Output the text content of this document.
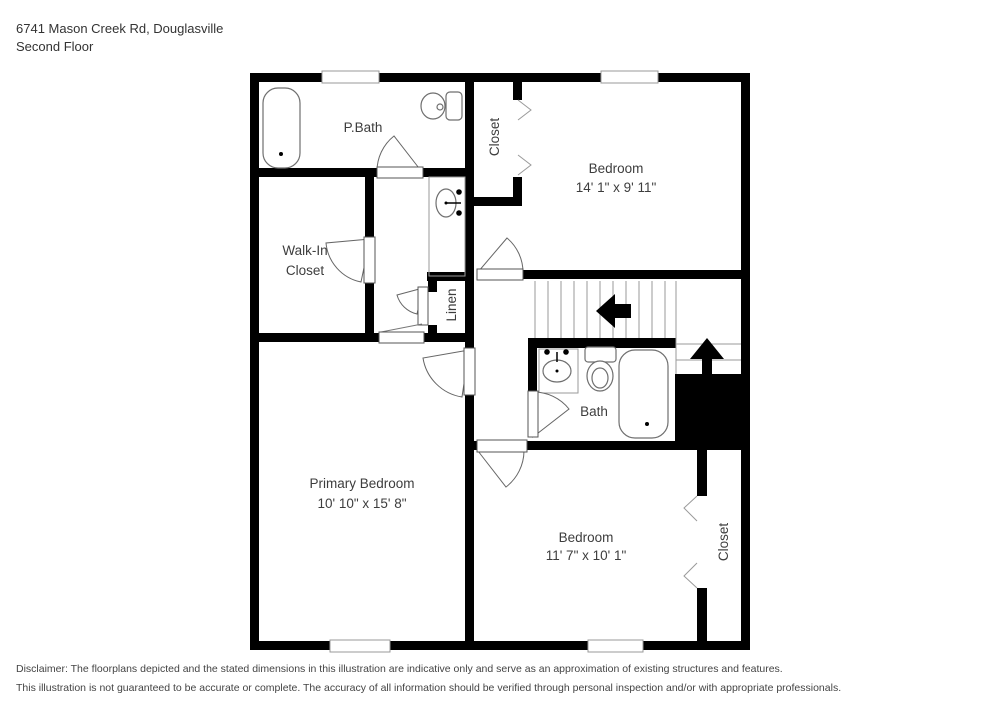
6741 Mason Creek Rd, Douglasville
Second Floor
P.Bath
Walk-In
Closet
Linen
Closet
Bedroom
14' 1" x 9' 11"
Bath
Primary Bedroom
10' 10" x 15' 8"
Bedroom
11' 7" x 10' 1"	Closet
Disclaimer: The floorplans depicted and the stated dimensions in this illustration are indicative only and serve as an approximation of existing structures and features.
This illustration is not guaranteed to be accurate or complete. The accuracy of all information should be verified through personal inspection and/or with appropriate professionals.
